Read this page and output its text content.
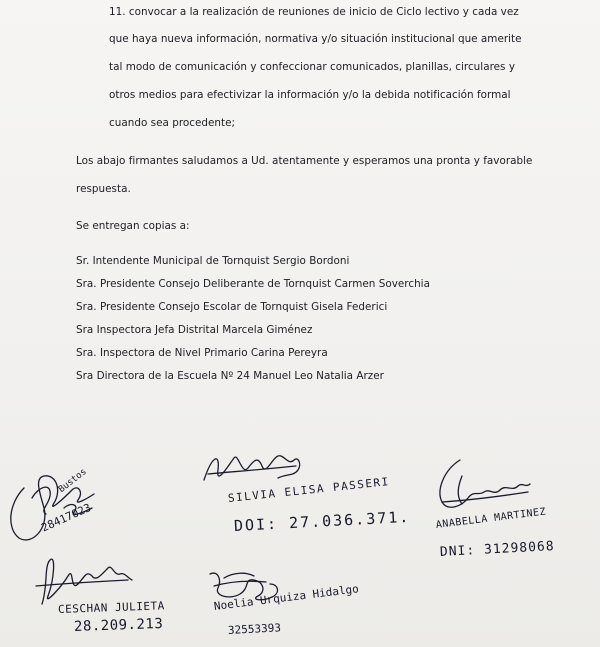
11. convocar a la realización de reuniones de inicio de Ciclo lectivo y cada vez
que haya nueva información, normativa y/o situación institucional que amerite
tal modo de comunicación y confeccionar comunicados, planillas, circulares y
otros medios para efectivizar la información y/o la debida notificación formal
cuando sea procedente;
Los abajo firmantes saludamos a Ud. atentamente y esperamos una pronta y favorable
respuesta.
Se entregan copias a:
Sr. Intendente Municipal de Tornquist Sergio Bordoni
Sra. Presidente Consejo Deliberante de Tornquist Carmen Soverchia
Sra. Presidente Consejo Escolar de Tornquist Gisela Federici
Sra Inspectora Jefa Distrital Marcela Giménez
Sra. Inspectora de Nivel Primario Carina Pereyra
Sra Directora de la Escuela Nº 24 Manuel Leo Natalia Arzer
Bustos
28417023
SILVIA ELISA PASSERI
DOI: 27.036.371. ANABELLA MARTINEZ
DNI: 31298068
CESCHAN JULIETA
28.209.213
Noelia Urquiza Hidalgo
32553393
